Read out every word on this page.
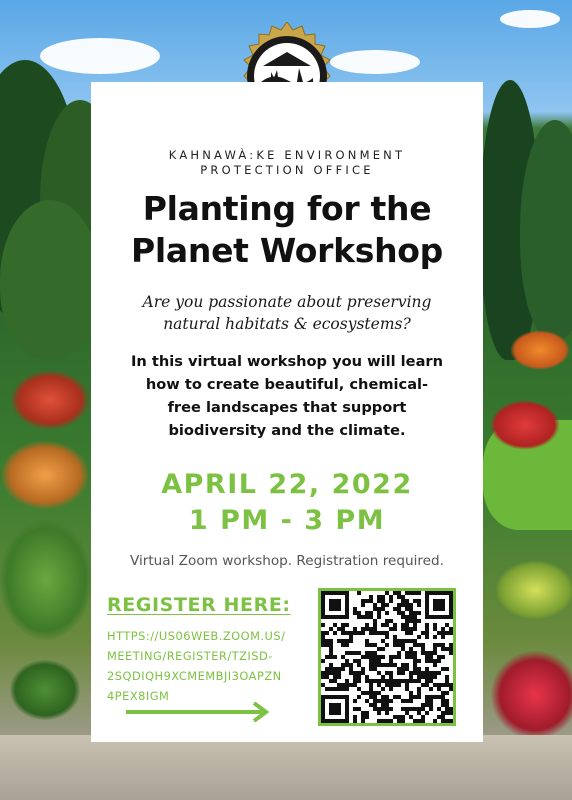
KAHNAWÀ:KE ENVIRONMENT
PROTECTION OFFICE
Planting for the
Planet Workshop
Are you passionate about preserving
natural habitats & ecosystems?
In this virtual workshop you will learn
how to create beautiful, chemical-
free landscapes that support
biodiversity and the climate.
APRIL 22, 2022
1 PM - 3 PM
Virtual Zoom workshop. Registration required.
REGISTER HERE:
HTTPS://US06WEB.ZOOM.US/
MEETING/REGISTER/TZISD-
2SQDIQH9XCMEMBJI3OAPZN
4PEX8IGM
